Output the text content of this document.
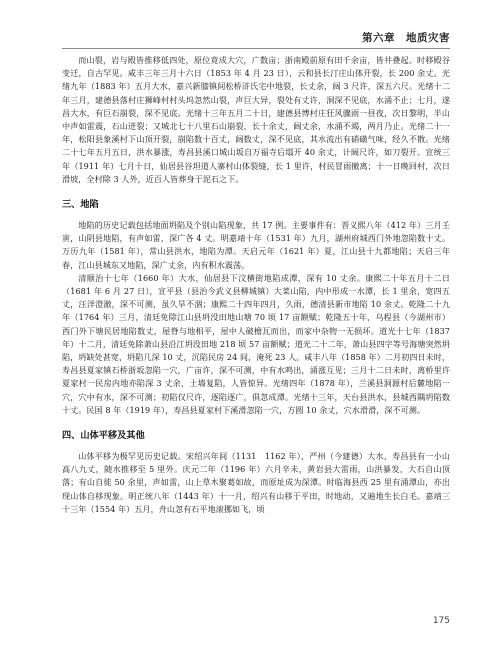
第六章　地质灾害

而山裂，岩与殿皆推移低四处，原位竟成大穴，广数亩；浙南殿前原有田千余亩，皆井叠起。时移殿谷变迁，自古罕见。咸丰三年三月十六日（1853 年 4 月 23 日），云和县长汀庄山体开裂，长 200 余丈。光绪九年（1883 年）五月大水，嘉兴新膝镇间松桥浒氏宅中地裂，长丈余，阔 3 尺许，深五六尺。光绪十二年三月，建德县落村庄狮峰村村头坞忽然山裂，声巨大异，裂处有丈许，洞深不见底，水涌不止；七月，遂昌大水，有巨石崩裂，深不见底。光绪十三年五月二十日，建德县博村庄狂风骤雨一昼夜，次日黎明，半山中声如雷震，石山迸裂；又城北七十八里石山崩裂，长十余丈，阔丈余，水涌不竭，两月乃止。光绪二十一年，松阳县象溪村下山顶开裂，崩陷数十百丈，阔数丈，深不见底，其水流出有硝磺气味，经久不散。光绪二十七年五月五日，洪水暴涨，寿昌县溪口城山坂自万福寺后塌开 40 余丈，计阔尺许，如刀裂开。宣统三年（1911 年）七月十日，仙居县谷坦道人寨村山体裂缝，长 1 里许，村民冒雨撤离；十一日晚回村，次日滑坡，全村除 3 人外，近百人皆葬身于泥石之下。

三、地陷

地陷的历史记载包括地面坍陷及个别山陷现象，共 17 例。主要事件有：晋义熙八年（412 年）三月壬寅，山阴县地陷，有声如雷，深广各 4 丈。明嘉靖十年（1531 年）九月，湖州府城西门外地忽陷数十丈。万历九年（1581 年），常山县洪水，地陷为潭。天启元年（1621 年）夏，江山县十九都地陷；天启三年春，江山县城东又地陷，深广丈余，内有积水震荡。

清顺治十七年（1660 年）大水，仙居县下汶横街地陷成潭，深有 10 丈余。康熙二十年五月十二日（1681 年 6 月 27 日），宣平县（县治今武义县柳城镇）大菜山陷，内中形成一水潭，长 1 里余，宽四五丈，汪洋澄澈，深不可测，虽久旱不涸；康熙二十四年四月，久雨，德清县新市地陷 10 余丈。乾隆二十九年（1764 年）三月，清廷免除江山县坍没田地山塘 70 顷 17 亩额赋；乾隆五十年，乌程县（今湖州市）西门外下塘民居地陷数丈，屋脊与地相平，屋中人破檐瓦而出，而家中杂物一无损坏。道光十七年（1837 年）十二月，清廷免除萧山县沿江坍没田地 218 顷 57 亩额赋；道光二十二年，萧山县四字等号海塘突然坍陷，坍缺处甚宽，坍陷几深 10 丈，沉陷民房 24 间，淹死 23 人。咸丰八年（1858 年）二月初四日未时，寿昌县夏家镇石桥浙坂忽陷一穴，广亩许，深不可测，中有水鸣出，涌涨互见；三月十二日未时，离桥里许夏家村一民房内地亦陷深 3 丈余，土墙复陷，人皆惊异。光绪四年（1878 年），兰溪县洞源村后麓地陷一穴，穴中有水，深不可测；初陷仅尺许，逐陷逐广，俱忽成潭。光绪十三年，天台县洪水，县城西隅坍陷数十丈。民国 8 年（1919 年），寿昌县夏家村下溪滑忽陷一穴，方圆 10 余丈，穴水滑滑，深不可测。

四、山体平移及其他

山体平移为极罕见历史记载。宋绍兴年间（1131　1162 年），严州（今建德）大水，寿昌县有一小山高八九丈，随水推移至 5 里外。庆元二年（1196 年）六月辛未，黄岩县大雷雨，山洪暴发，大石自山顶落；有山自徙 50 余里，声如雷，山上草木聚葛如故，而原址成为深潭。时临海县西 25 里有涌潭山，亦出现山体自移现象。明正统八年（1443 年）十一月，绍兴有山移于平田，时地动，又遍地生长白毛。嘉靖三十三年（1554 年）五月，舟山忽有石平地滚挪如飞，顷

175
